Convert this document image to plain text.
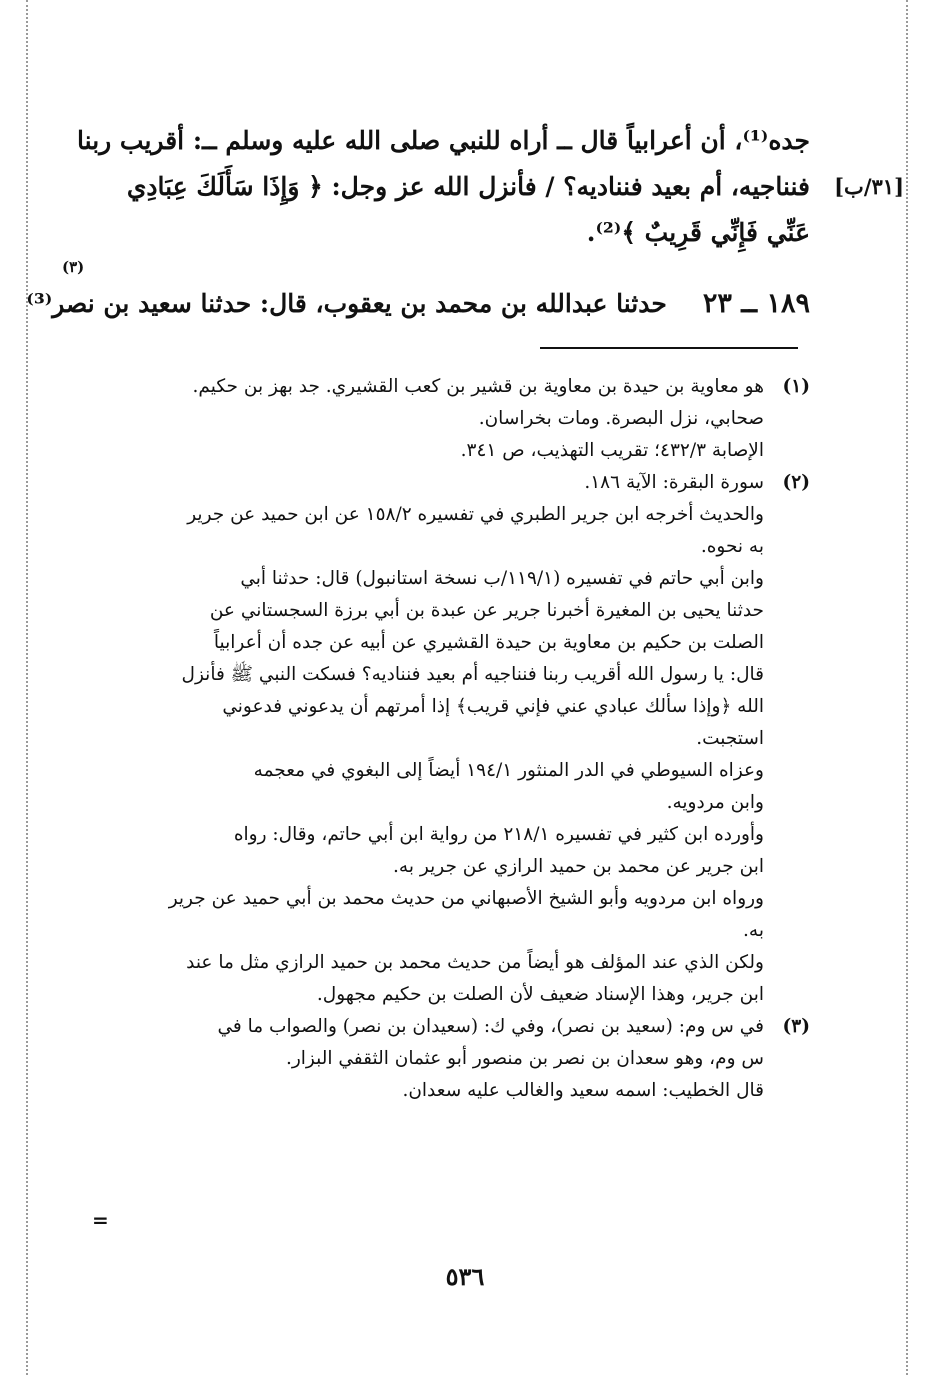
جده⁽¹⁾، أن أعرابياً قال ــ أراه للنبي صلى الله عليه وسلم ــ: أقريب ربنا
فنناجيه، أم بعيد فنناديه؟ / فأنزل الله عز وجل: ﴿ وَإِذَا سَأَلَكَ عِبَادِي
عَنِّي فَإِنِّي قَرِيبٌ ﴾⁽²⁾.
[٣١/ب]
(٣)
١٨٩ ــ ٢٣حدثنا عبدالله بن محمد بن يعقوب، قال: حدثنا سعيد بن نصر⁽³⁾
(١)هو معاوية بن حيدة بن معاوية بن قشير بن كعب القشيري. جد بهز بن حكيم.
صحابي، نزل البصرة. ومات بخراسان.
الإصابة ٤٣٢/٣؛ تقريب التهذيب، ص ٣٤١.
(٢)سورة البقرة: الآية ١٨٦.
والحديث أخرجه ابن جرير الطبري في تفسيره ١٥٨/٢ عن ابن حميد عن جرير
به نحوه.
وابن أبي حاتم في تفسيره (١١٩/١/ب نسخة استانبول) قال: حدثنا أبي
حدثنا يحيى بن المغيرة أخبرنا جرير عن عبدة بن أبي برزة السجستاني عن
الصلت بن حكيم بن معاوية بن حيدة القشيري عن أبيه عن جده أن أعرابياً
قال: يا رسول الله أقريب ربنا فنناجيه أم بعيد فنناديه؟ فسكت النبي ﷺ فأنزل
الله ﴿وإذا سألك عبادي عني فإني قريب﴾ إذا أمرتهم أن يدعوني فدعوني
استجبت.
وعزاه السيوطي في الدر المنثور ١٩٤/١ أيضاً إلى البغوي في معجمه
وابن مردويه.
وأورده ابن كثير في تفسيره ٢١٨/١ من رواية ابن أبي حاتم، وقال: رواه
ابن جرير عن محمد بن حميد الرازي عن جرير به.
ورواه ابن مردويه وأبو الشيخ الأصبهاني من حديث محمد بن أبي حميد عن جرير
به.
ولكن الذي عند المؤلف هو أيضاً من حديث محمد بن حميد الرازي مثل ما عند
ابن جرير، وهذا الإسناد ضعيف لأن الصلت بن حكيم مجهول.
(٣)في س وم: (سعيد بن نصر)، وفي ك: (سعيدان بن نصر) والصواب ما في
س وم، وهو سعدان بن نصر بن منصور أبو عثمان الثقفي البزار.
قال الخطيب: اسمه سعيد والغالب عليه سعدان.
=
٥٣٦
